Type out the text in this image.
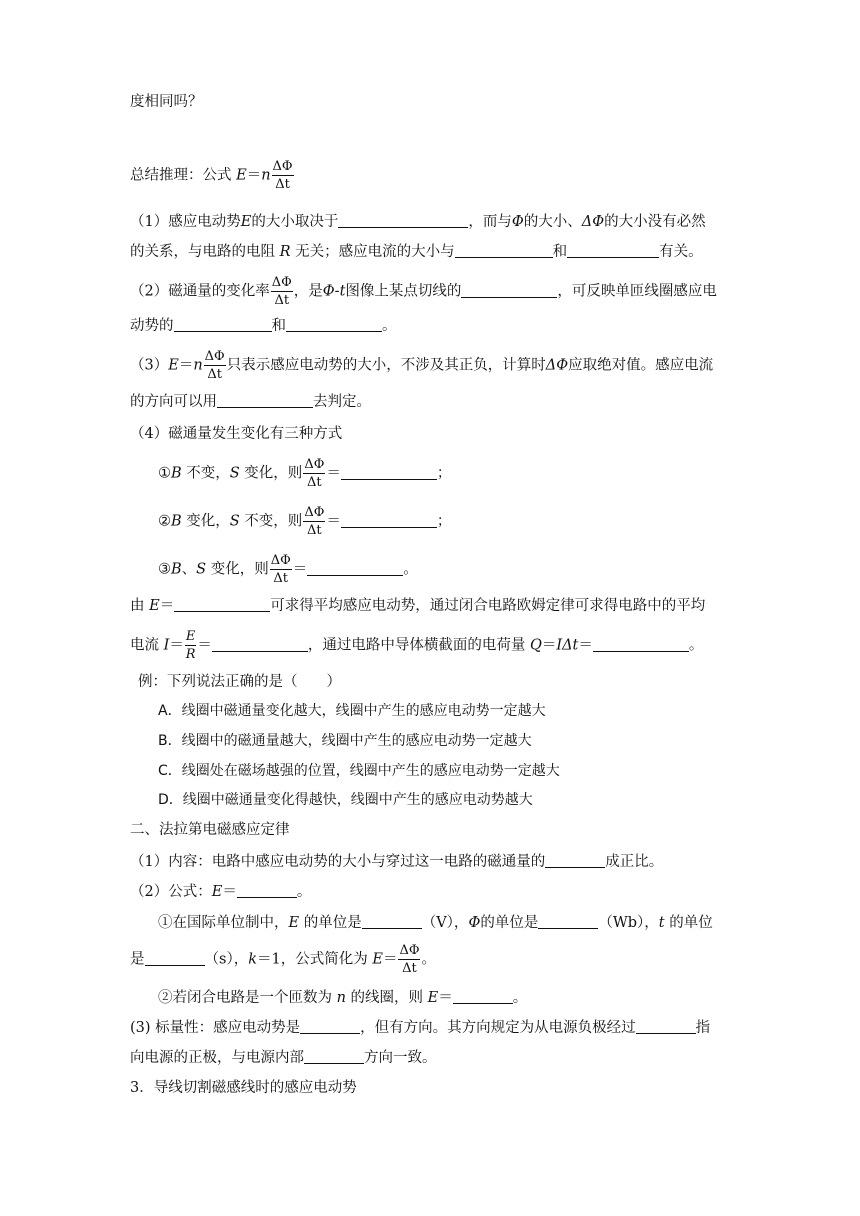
度相同吗？
总结推理：公式 $E=n \frac{\Delta\Phi}{\Delta t}$
（1）感应电动势E的大小取决于	，而与Φ的大小、ΔΦ的大小没有必然
的关系，与电路的电阻 R 无关；感应电流的大小与	和	有关。
（2）磁通量的变化率 $\frac{\Delta\Phi}{\Delta t}$ ，是Φ-t图像上某点切线的	，可反映单匝线圈感应电
动势的	和	。
$(3)E=n \frac{\Delta\Phi}{\Delta t}$ 只表示感应电动势的大小，不涉及其正负，计算时ΔΦ应取绝对值。感应电流
的方向可以用	去判定。
（4）磁通量发生变化有三种方式
①B 不变，S 变化，则 $\frac{\Delta\Phi}{\Delta t}$ ＝	；
②B 变化，S 不变，则 $\frac{\Delta\Phi}{\Delta t}$ ＝	；
③B、S 变化，则 $\frac{\Delta\Phi}{\Delta t}$ ＝	。
由 E＝	可求得平均感应电动势，通过闭合电路欧姆定律可求得电路中的平均
电流 $I= \frac{E}{R}$ ＝	，通过电路中导体横截面的电荷量 Q＝IΔt＝	。
例：下列说法正确的是（　　）
A．线圈中磁通量变化越大，线圈中产生的感应电动势一定越大
B．线圈中的磁通量越大，线圈中产生的感应电动势一定越大
C．线圈处在磁场越强的位置，线圈中产生的感应电动势一定越大
D．线圈中磁通量变化得越快，线圈中产生的感应电动势越大
二、法拉第电磁感应定律
（1）内容：电路中感应电动势的大小与穿过这一电路的磁通量的	成正比。
（2）公式：E＝	。
①在国际单位制中，E 的单位是	（V），Φ的单位是	（Wb），t 的单位
是	（s），k＝1，公式简化为 $E= \frac{\Delta\Phi}{\Delta t}$ 。
②若闭合电路是一个匝数为 n 的线圈，则 E＝	。
(3) 标量性：感应电动势是	，但有方向。其方向规定为从电源负极经过	指
向电源的正极，与电源内部	方向一致。
3．导线切割磁感线时的感应电动势
